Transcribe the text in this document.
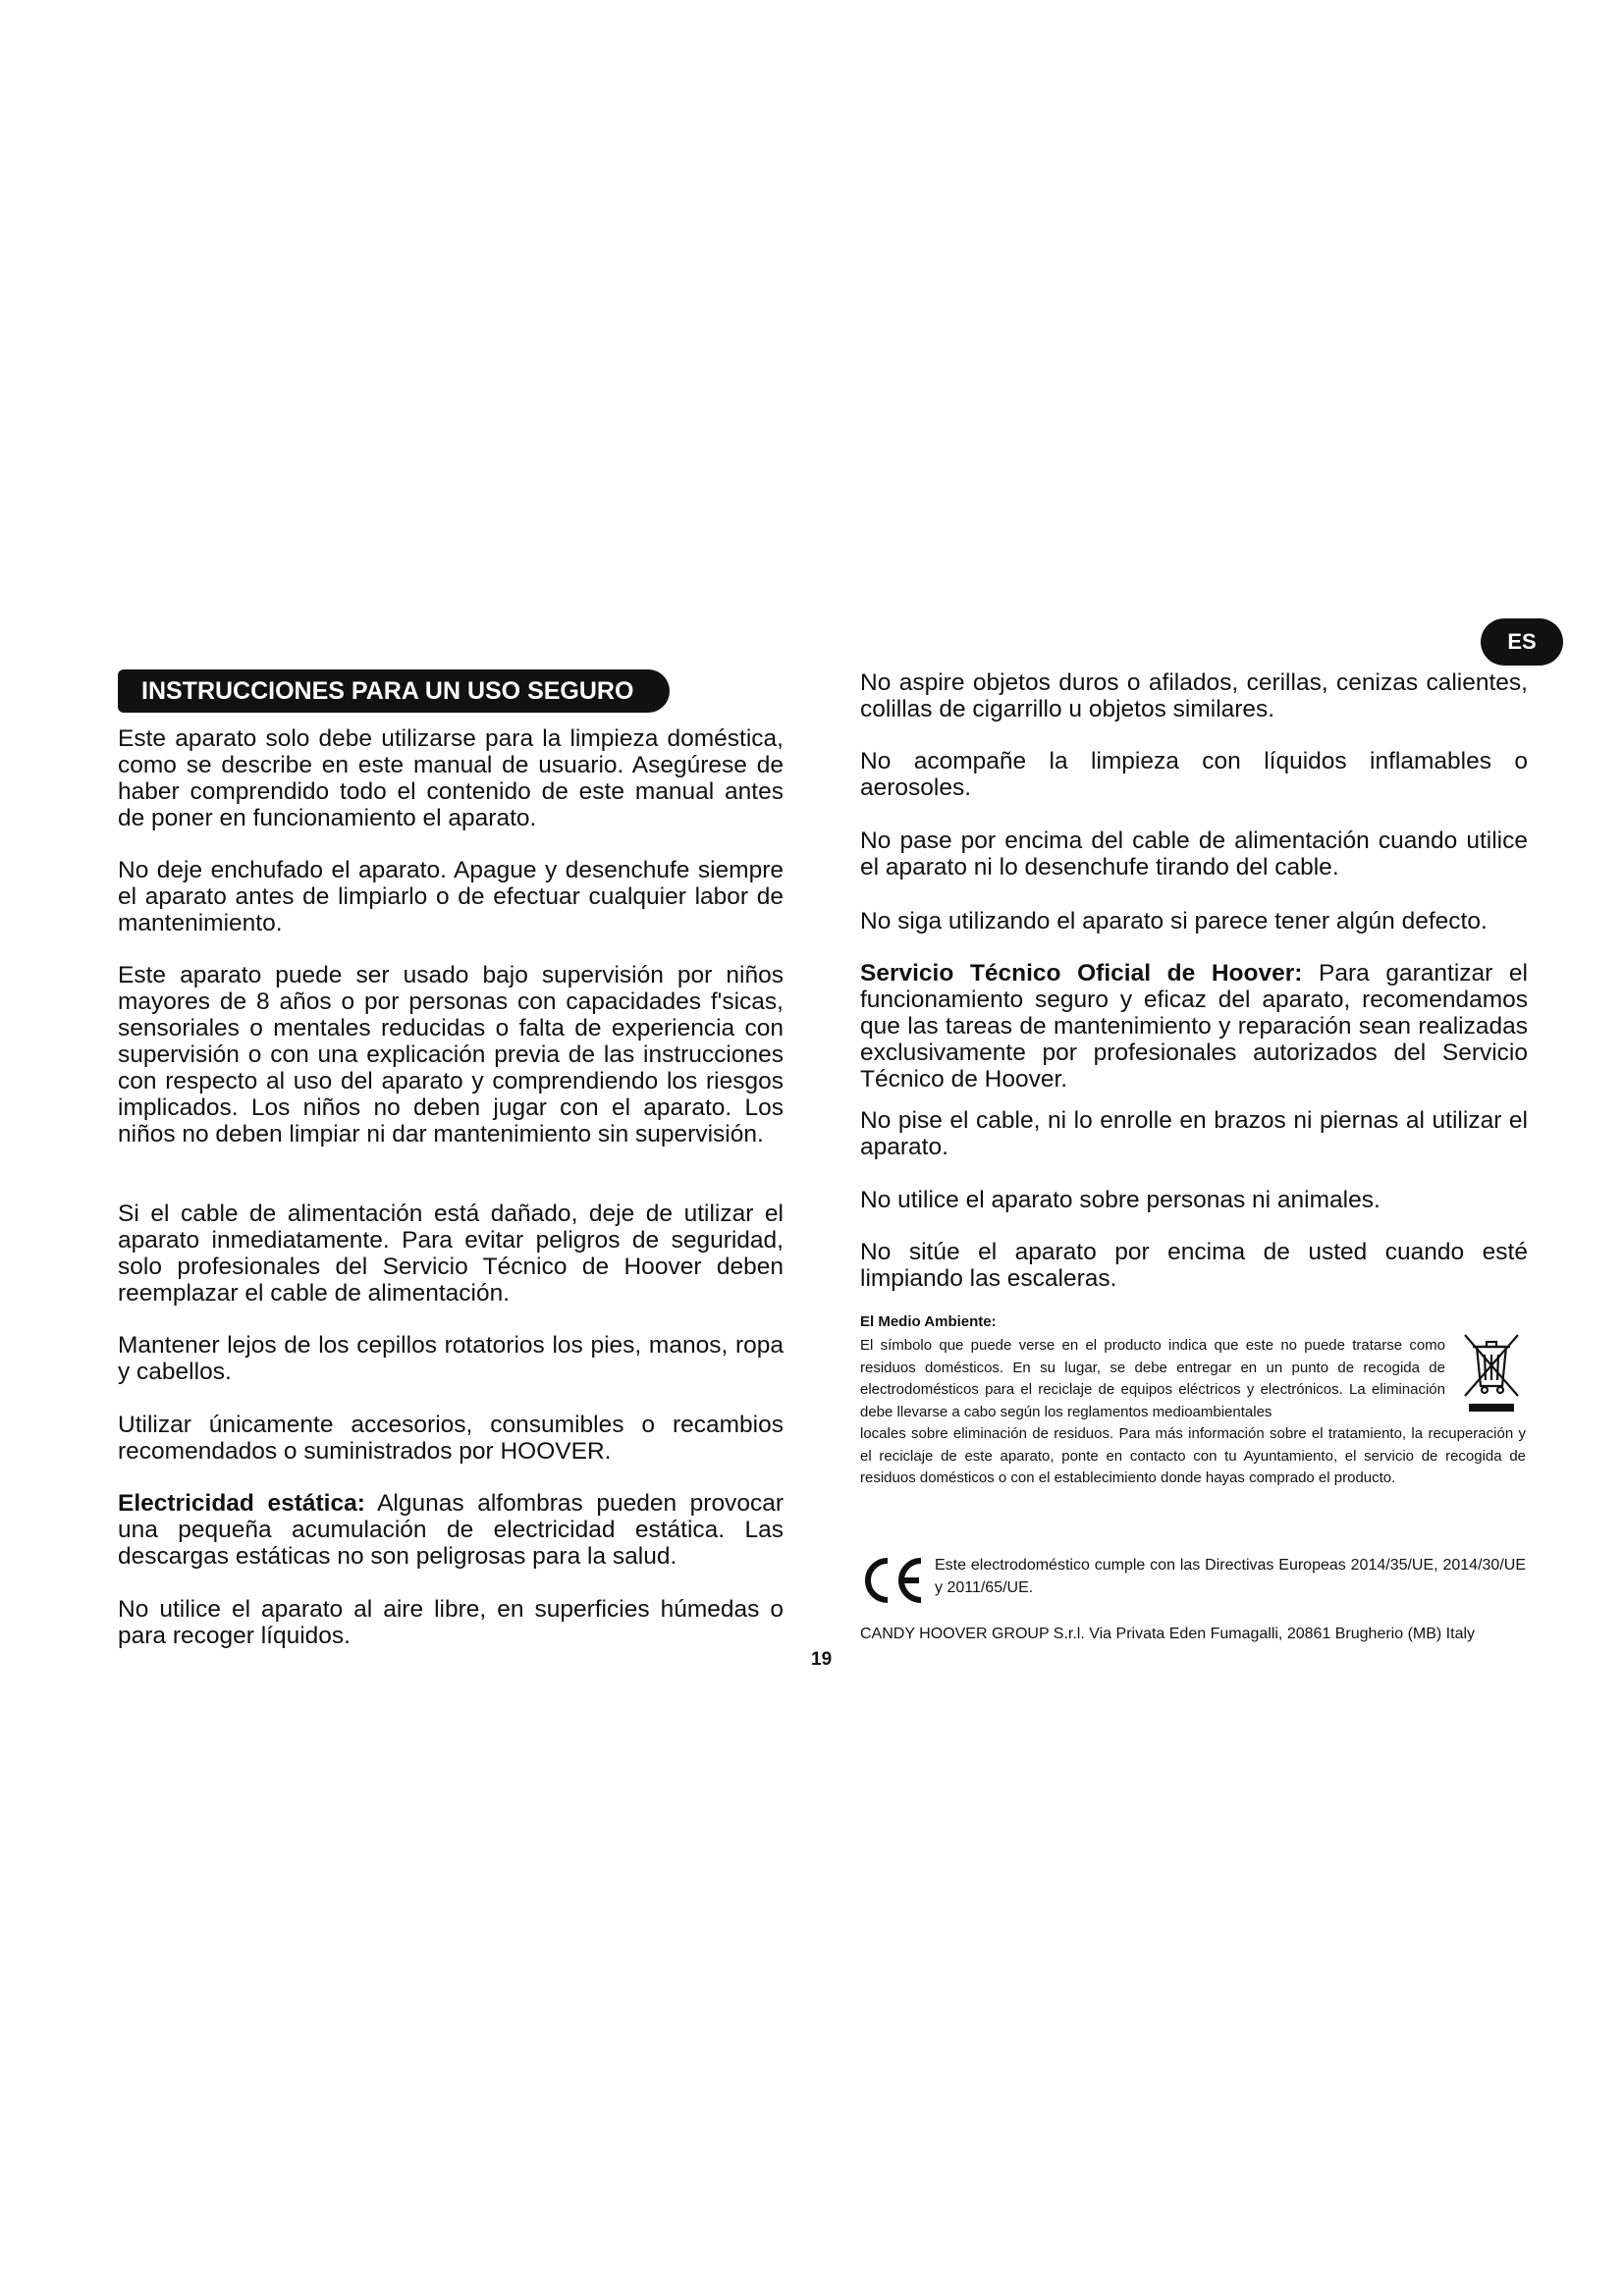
ES
INSTRUCCIONES PARA UN USO SEGURO

Este aparato solo debe utilizarse para la limpieza doméstica, como se describe en este manual de usuario. Asegúrese de haber comprendido todo el contenido de este manual antes de poner en funcionamiento el aparato.

No deje enchufado el aparato. Apague y desenchufe siempre el aparato antes de limpiarlo o de efectuar cualquier labor de mantenimiento.

Este aparato puede ser usado bajo supervisión por niños mayores de 8 años o por personas con capacidades f'sicas, sensoriales o mentales reducidas o falta de experiencia con supervisión o con una explicación previa de las instrucciones con respecto al uso del aparato y comprendiendo los riesgos implicados. Los niños no deben jugar con el aparato. Los niños no deben limpiar ni dar mantenimiento sin supervisión.

Si el cable de alimentación está dañado, deje de utilizar el aparato inmediatamente. Para evitar peligros de seguridad, solo profesionales del Servicio Técnico de Hoover deben reemplazar el cable de alimentación.

Mantener lejos de los cepillos rotatorios los pies, manos, ropa y cabellos.

Utilizar únicamente accesorios, consumibles o recambios recomendados o suministrados por HOOVER.

Electricidad estática: Algunas alfombras pueden provocar una pequeña acumulación de electricidad estática. Las descargas estáticas no son peligrosas para la salud.

No utilice el aparato al aire libre, en superficies húmedas o para recoger líquidos.

No aspire objetos duros o afilados, cerillas, cenizas calientes, colillas de cigarrillo u objetos similares.

No acompañe la limpieza con líquidos inflamables o aerosoles.

No pase por encima del cable de alimentación cuando utilice el aparato ni lo desenchufe tirando del cable.

No siga utilizando el aparato si parece tener algún defecto.

Servicio Técnico Oficial de Hoover: Para garantizar el funcionamiento seguro y eficaz del aparato, recomendamos que las tareas de mantenimiento y reparación sean realizadas exclusivamente por profesionales autorizados del Servicio Técnico de Hoover.

No pise el cable, ni lo enrolle en brazos ni piernas al utilizar el aparato.

No utilice el aparato sobre personas ni animales.

No sitúe el aparato por encima de usted cuando esté limpiando las escaleras.

El Medio Ambiente:

El símbolo que puede verse en el producto indica que este no puede tratarse como residuos domésticos. En su lugar, se debe entregar en un punto de recogida de electrodomésticos para el reciclaje de equipos eléctricos y electrónicos. La eliminación debe llevarse a cabo según los reglamentos medioambientales

locales sobre eliminación de residuos. Para más información sobre el tratamiento, la recuperación y el reciclaje de este aparato, ponte en contacto con tu Ayuntamiento, el servicio de recogida de residuos domésticos o con el establecimiento donde hayas comprado el producto.

Este electrodoméstico cumple con las Directivas Europeas 2014/35/UE, 2014/30/UE y 2011/65/UE.

CANDY HOOVER GROUP S.r.l. Via Privata Eden Fumagalli, 20861 Brugherio (MB) Italy
19
